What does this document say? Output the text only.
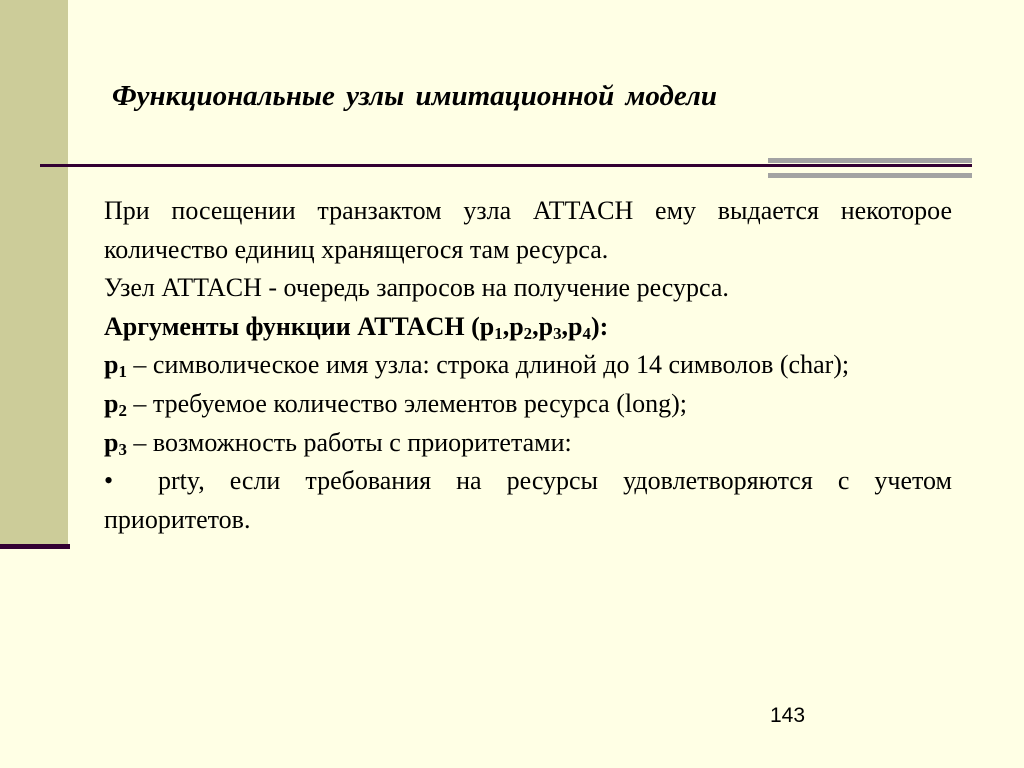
Функциональные узлы имитационной модели

При посещении транзактом узла ATTACH ему выдается некоторое количество единиц хранящегося там ресурса.

Узел ATTACH - очередь запросов на получение ресурса.

Аргументы функции ATTACH $(p_1,p_2,p_3,p_4)$:

$p_1$ – символическое имя узла: строка длиной до 14 символов (char);

$p_2$ – требуемое количество элементов ресурса (long);

$p_3$ – возможность работы с приоритетами:

• prty, если требования на ресурсы удовлетворяются с учетом приоритетов.

143
